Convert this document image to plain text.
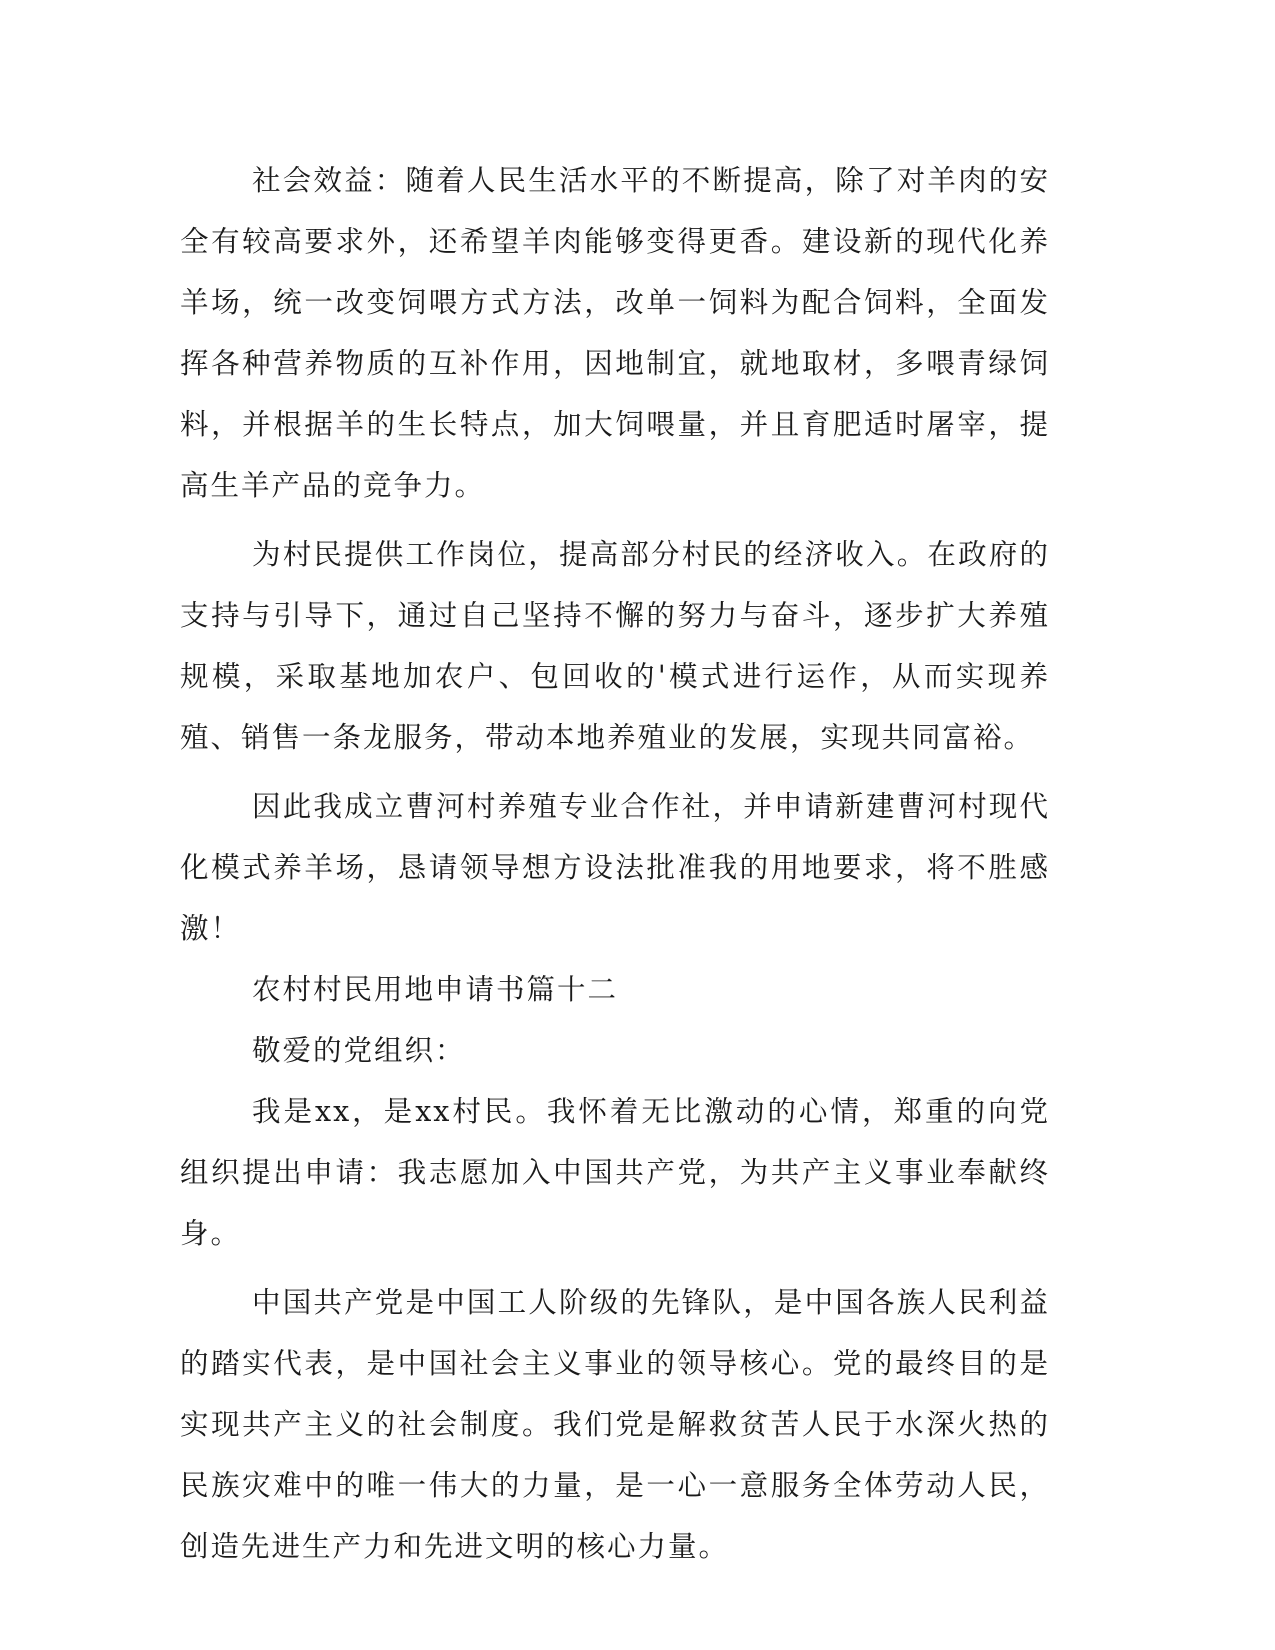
社会效益：随着人民生活水平的不断提高，除了对羊肉的安全有较高要求外，还希望羊肉能够变得更香。建设新的现代化养羊场，统一改变饲喂方式方法，改单一饲料为配合饲料，全面发挥各种营养物质的互补作用，因地制宜，就地取材，多喂青绿饲料，并根据羊的生长特点，加大饲喂量，并且育肥适时屠宰，提高生羊产品的竞争力。

为村民提供工作岗位，提高部分村民的经济收入。在政府的支持与引导下，通过自己坚持不懈的努力与奋斗，逐步扩大养殖规模，采取基地加农户、包回收的'模式进行运作，从而实现养殖、销售一条龙服务，带动本地养殖业的发展，实现共同富裕。

因此我成立曹河村养殖专业合作社，并申请新建曹河村现代化模式养羊场，恳请领导想方设法批准我的用地要求，将不胜感激！

农村村民用地申请书篇十二

敬爱的党组织：

我是xx，是xx村民。我怀着无比激动的心情，郑重的向党组织提出申请：我志愿加入中国共产党，为共产主义事业奉献终身。

中国共产党是中国工人阶级的先锋队，是中国各族人民利益的踏实代表，是中国社会主义事业的领导核心。党的最终目的是实现共产主义的社会制度。我们党是解救贫苦人民于水深火热的民族灾难中的唯一伟大的力量，是一心一意服务全体劳动人民，创造先进生产力和先进文明的核心力量。
